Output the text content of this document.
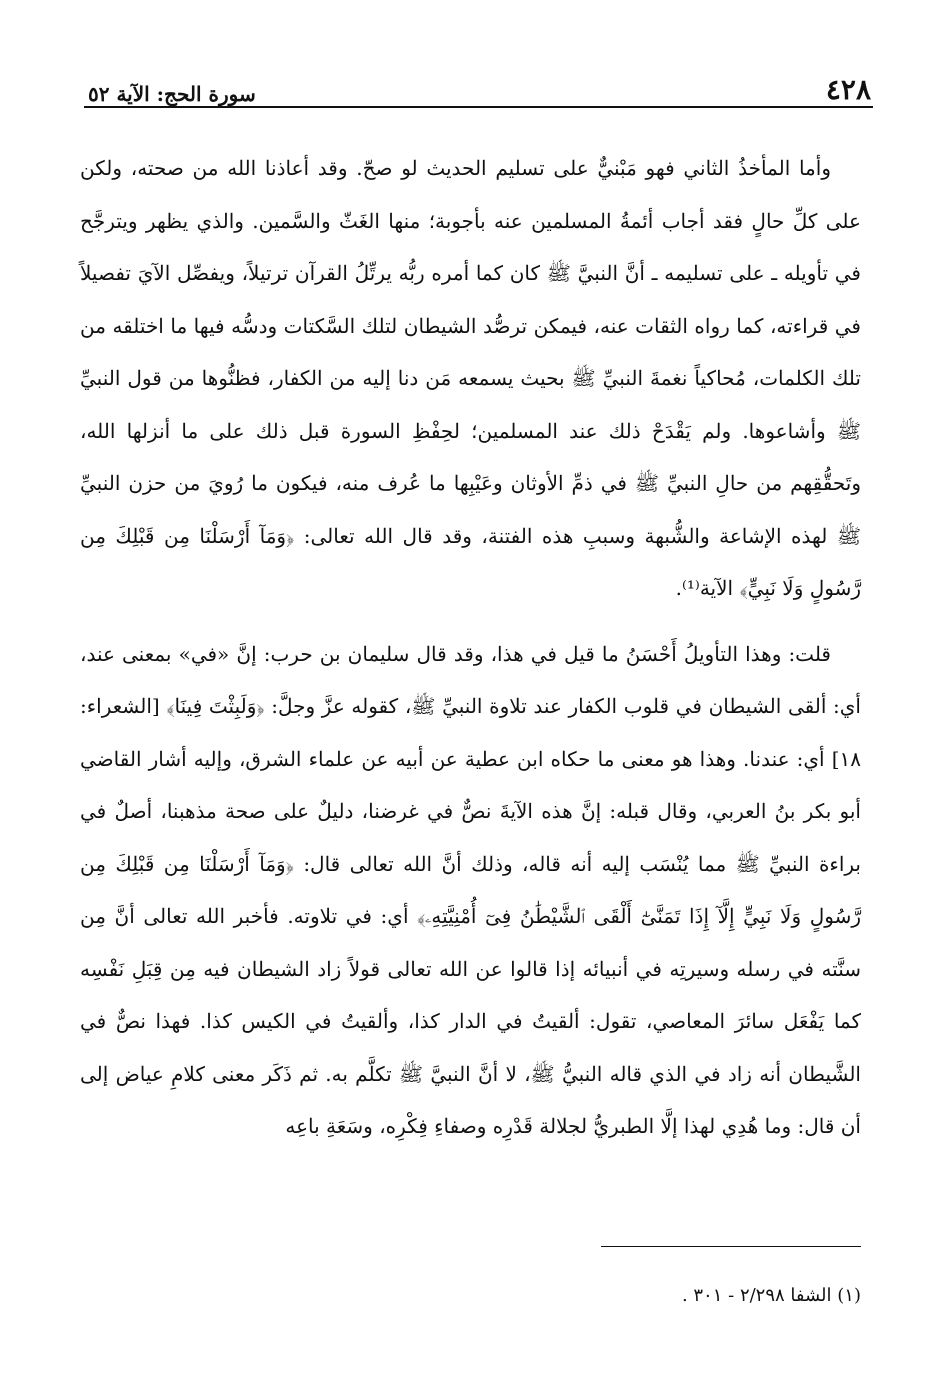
٤٢٨
سورة الحج: الآية ٥٢

وأما المأخذُ الثاني فهو مَبْنيٌّ على تسليم الحديث لو صحّ. وقد أعاذنا الله من صحته، ولكن على كلِّ حالٍ فقد أجاب أئمةُ المسلمين عنه بأجوبة؛ منها الغَثّ والسَّمين. والذي يظهر ويترجَّح في تأويله ـ على تسليمه ـ أنَّ النبيَّ ﷺ كان كما أمره ربُّه يرتِّلُ القرآن ترتيلاً، ويفصِّل الآيَ تفصيلاً في قراءته، كما رواه الثقات عنه، فيمكن ترصُّد الشيطان لتلك السَّكتات ودسُّه فيها ما اختلقه من تلك الكلمات، مُحاكياً نغمةَ النبيِّ ﷺ بحيث يسمعه مَن دنا إليه من الكفار، فظنُّوها من قول النبيِّ ﷺ وأشاعوها. ولم يَقْدَحْ ذلك عند المسلمين؛ لحِفْظِ السورة قبل ذلك على ما أنزلها الله، وتَحقُّقِهم من حالِ النبيِّ ﷺ في ذمِّ الأوثان وعَيْبِها ما عُرف منه، فيكون ما رُويَ من حزن النبيِّ ﷺ لهذه الإشاعة والشُّبهة وسببِ هذه الفتنة، وقد قال الله تعالى: ﴿وَمَآ أَرْسَلْنَا مِن قَبْلِكَ مِن رَّسُولٍ وَلَا نَبِيٍّ﴾ الآية⁽¹⁾.

قلت: وهذا التأويلُ أَحْسَنُ ما قيل في هذا، وقد قال سليمان بن حرب: إنَّ «في» بمعنى عند، أي: ألقى الشيطان في قلوب الكفار عند تلاوة النبيِّ ﷺ، كقوله عزَّ وجلَّ: ﴿وَلَبِثْتَ فِينَا﴾ [الشعراء: ١٨] أي: عندنا. وهذا هو معنى ما حكاه ابن عطية عن أبيه عن علماء الشرق، وإليه أشار القاضي أبو بكر بنُ العربي، وقال قبله: إنَّ هذه الآيةَ نصٌّ في غرضنا، دليلٌ على صحة مذهبنا، أصلٌ في براءة النبيِّ ﷺ مما يُنْسَب إليه أنه قاله، وذلك أنَّ الله تعالى قال: ﴿وَمَآ أَرْسَلْنَا مِن قَبْلِكَ مِن رَّسُولٍ وَلَا نَبِيٍّ إِلَّآ إِذَا تَمَنَّىٰٓ أَلْقَى ٱلشَّيْطَٰنُ فِىٓ أُمْنِيَّتِهِۦ﴾ أي: في تلاوته. فأخبر الله تعالى أنَّ مِن سنَّته في رسله وسيرتِه في أنبيائه إذا قالوا عن الله تعالى قولاً زاد الشيطان فيه مِن قِبَلِ نَفْسِه كما يَفْعَل سائرَ المعاصي، تقول: ألقيتُ في الدار كذا، وألقيتُ في الكيس كذا. فهذا نصٌّ في الشَّيطان أنه زاد في الذي قاله النبيُّ ﷺ، لا أنَّ النبيَّ ﷺ تكلَّم به. ثم ذَكَر معنى كلامِ عياض إلى أن قال: وما هُدِي لهذا إلَّا الطبريُّ لجلالة قَدْرِه وصفاءِ فِكْرِه، وسَعَةِ باعِه

(١) الشفا ٢/٢٩٨ - ٣٠١ .
